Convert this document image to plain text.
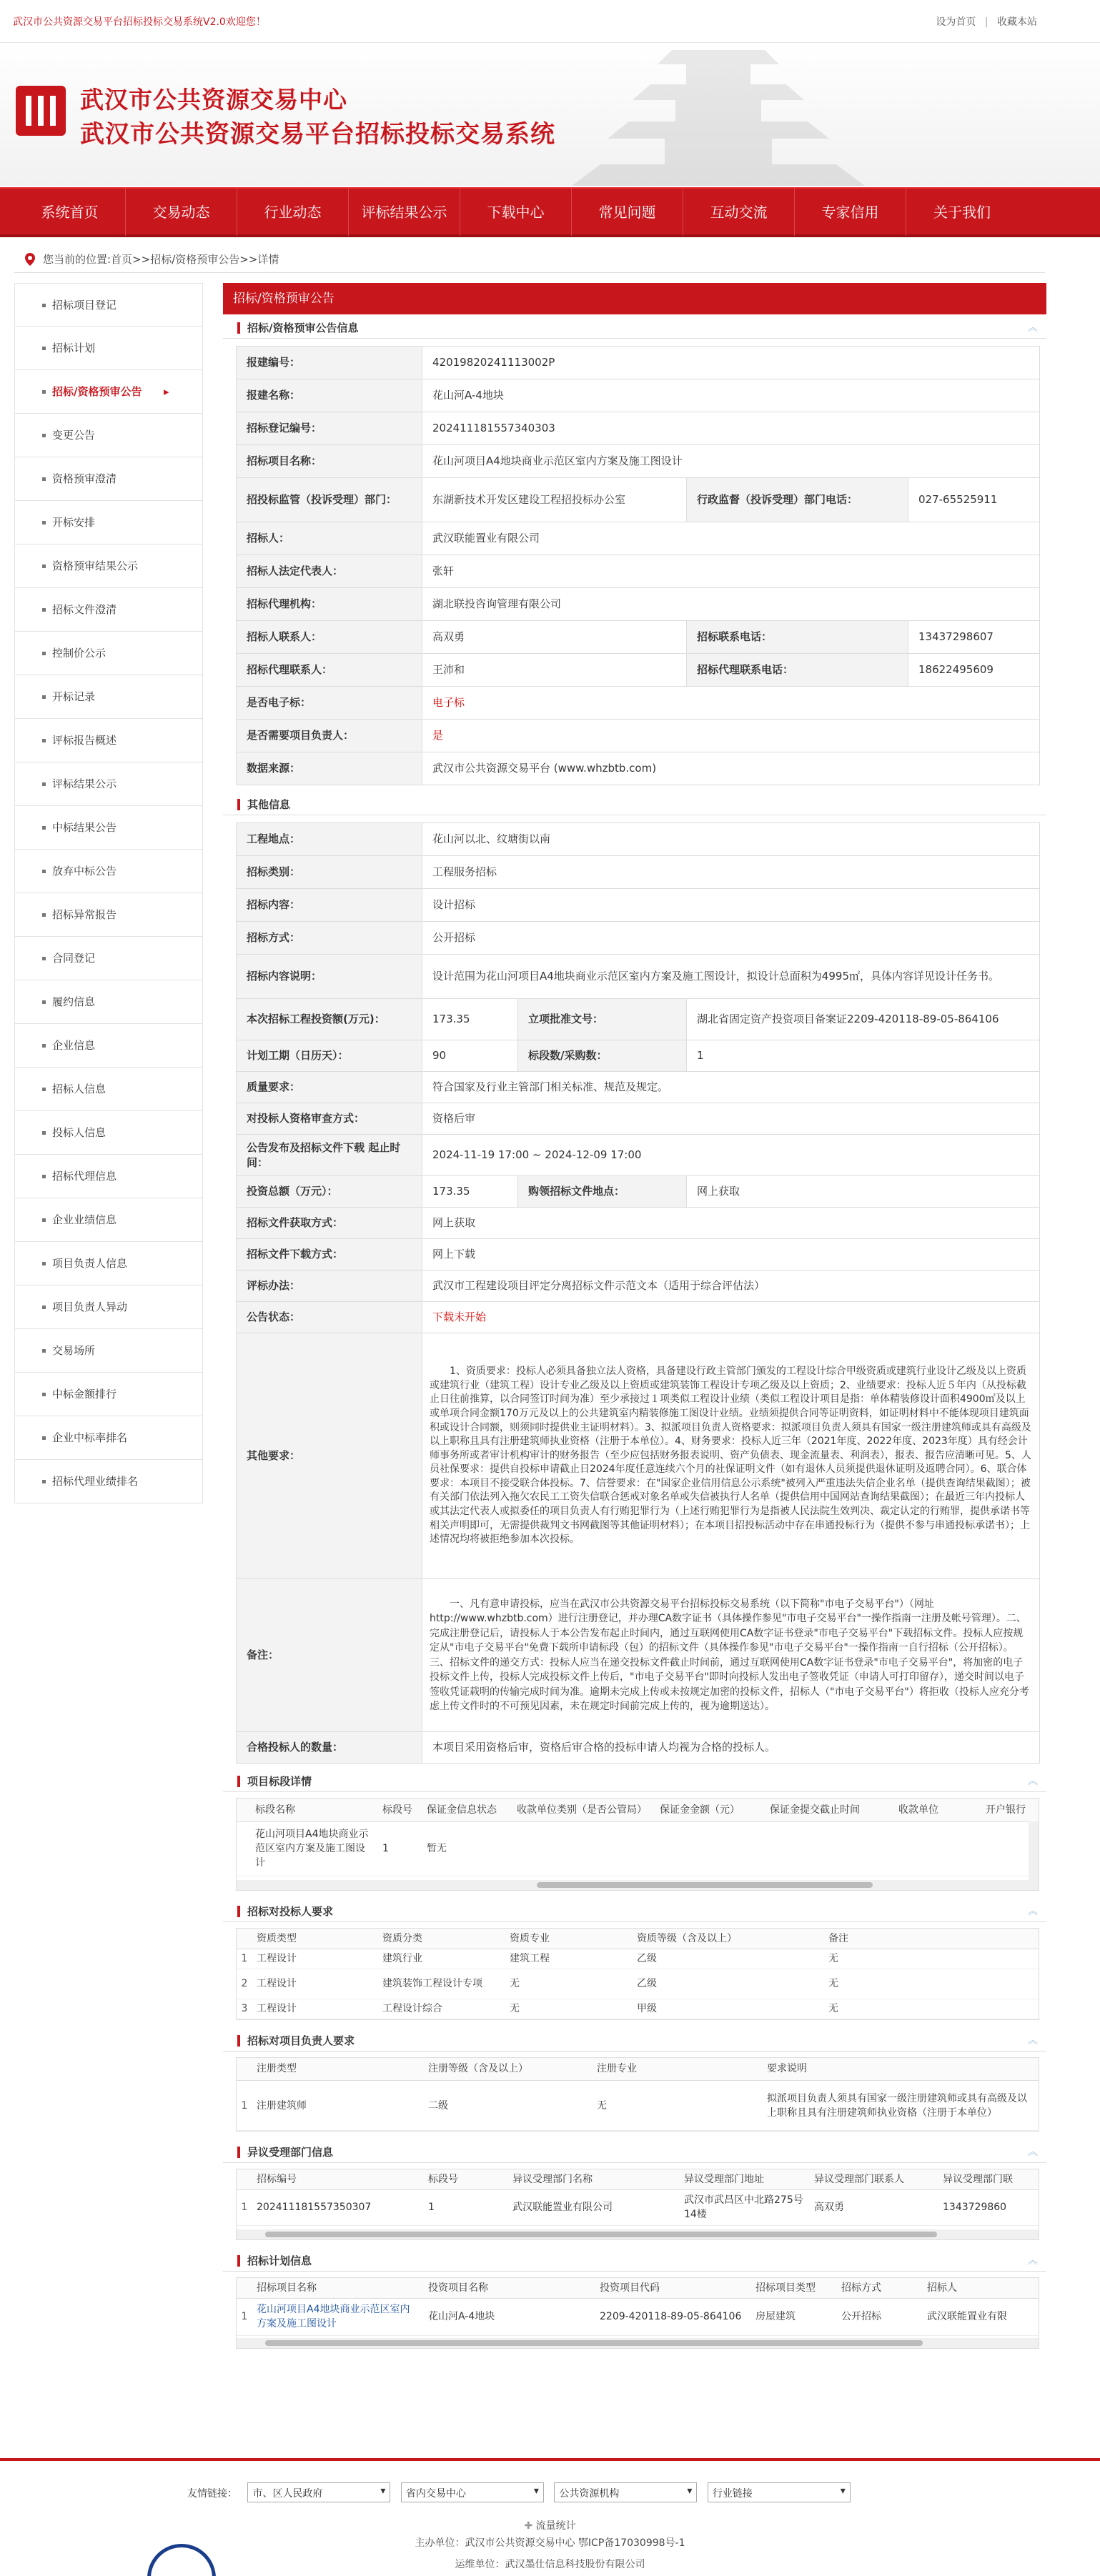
武汉市公共资源交易平台招标投标交易系统V2.0欢迎您！	设为首页 | 收藏本站
武汉市公共资源交易中心
武汉市公共资源交易平台招标投标交易系统
系统首页	交易动态	行业动态	评标结果公示	下载中心	常见问题	互动交流	专家信用	关于我们
您当前的位置:首页>>招标/资格预审公告>>详情
招标项目登记
招标计划
招标/资格预审公告 ▸
变更公告
资格预审澄清
开标安排
资格预审结果公示
招标文件澄清
控制价公示
开标记录
评标报告概述
评标结果公示
中标结果公告
放弃中标公告
招标异常报告
合同登记
履约信息
企业信息
招标人信息
投标人信息
招标代理信息
企业业绩信息
项目负责人信息
项目负责人异动
交易场所
中标金额排行
企业中标率排名
招标代理业绩排名
招标/资格预审公告
招标/资格预审公告信息	︽
报建编号：	4201982024111300​2P		
报建名称：	花山河A-4地块		
招标登记编号：	202411181557340303		
招标项目名称：	花山河项目A4地块商业示范区室内方案及施工图设计		
招投标监管（投诉受理）部门：	东湖新技术开发区建设工程招投标办公室	行政监督（投诉受理）部门电话：	027-65525911
招标人：	武汉联能置业有限公司		
招标人法定代表人：	张轩		
招标代理机构：	湖北联投咨询管理有限公司		
招标人联系人：	高双勇	招标联系电话：	13437298607
招标代理联系人：	王沛和	招标代理联系电话：	18622495609
是否电子标：	电子标		
是否需要项目负责人：	是		
数据来源：	武汉市公共资源交易平台 (www.whzbtb.com)		
其他信息
工程地点：	花山河以北、纹塘街以南		
招标类别：	工程服务招标		
招标内容：	设计招标		
招标方式：	公开招标		
招标内容说明：	设计范围为花山河项目A4地块商业示范区室内方案及施工图设计，拟设计总面积为4995㎡，具体内容详见设计任务书。		
本次招标工程投资额(万元)：	173.35	立项批准文号：	湖北省固定资产投资项目备案证2209-420118-89-05-864106
计划工期（日历天）：	90	标段数/采购数：	1
质量要求：	符合国家及行业主管部门相关标准、规范及规定。		
对投标人资格审查方式：	资格后审		
公告发布及招标文件下载 起止时间：	2024-11-19 17:00 ~ 2024-12-09 17:00		
投资总额（万元）：	173.35	购领招标文件地点：	网上获取
招标文件获取方式：	网上获取		
招标文件下载方式：	网上下载		
评标办法：	武汉市工程建设项目评定分离招标文件示范文本（适用于综合评估法）		
公告状态：	下载未开始		
其他要求：	1、资质要求：投标人必须具备独立法人资格，具备建设行政主管部门颁发的工程设计综合甲级资质或建筑行业设计乙级及以上资质或建筑行业（建筑工程）设计专业乙级及以上资质或建筑装饰工程设计专项乙级及以上资质；2、业绩要求：投标人近５年内（从投标截止日往前推算，以合同签订时间为准）至少承接过１项类似工程设计业绩（类似工程设计项目是指：单体精装修设计面积4900㎡及以上或单项合同金额170万元及以上的公共建筑室内精装修施工图设计业绩。业绩须提供合同等证明资料，如证明材料中不能体现项目建筑面积或设计合同额，则须同时提供业主证明材料）。3、拟派项目负责人资格要求：拟派项目负责人须具有国家一级注册建筑师或具有高级及以上职称且具有注册建筑师执业资格（注册于本单位）。4、财务要求：投标人近三年（2021年度、2022年度、2023年度）具有经会计师事务所或者审计机构审计的财务报告（至少应包括财务报表说明、资产负债表、现金流量表、利润表），报表、报告应清晰可见。5、人员社保要求：提供自投标申请截止日2024年度任意连续六个月的社保证明文件（如有退休人员须提供退休证明及返聘合同）。6、联合体要求：本项目不接受联合体投标。7、信誉要求：在"国家企业信用信息公示系统"被列入严重违法失信企业名单（提供查询结果截图）；被有关部门依法列入拖欠农民工工资失信联合惩戒对象名单或失信被执行人名单（提供信用中国网站查询结果截图）；在最近三年内投标人或其法定代表人或拟委任的项目负责人有行贿犯罪行为（上述行贿犯罪行为是指被人民法院生效判决、裁定认定的行贿罪，提供承诺书等相关声明即可，无需提供裁判文书网截图等其他证明材料）；在本项目招投标活动中存在串通投标行为（提供不参与串通投标承诺书）；上述情况均将被拒绝参加本次投标。		
备注：	一、凡有意申请投标，应当在武汉市公共资源交易平台招标投标交易系统（以下简称"市电子交易平台"）（网址http://www.whzbtb.com）进行注册登记，并办理CA数字证书（具体操作参见"市电子交易平台"一操作指南一注册及帐号管理）。二、完成注册登记后，请投标人于本公告发布起止时间内，通过互联网使用CA数字证书登录"市电子交易平台"下载招标文件。投标人应按规定从"市电子交易平台"免费下载所申请标段（包）的招标文件（具体操作参见"市电子交易平台"一操作指南一自行招标（公开招标）。三、招标文件的递交方式：投标人应当在递交投标文件截止时间前，通过互联网使用CA数字证书登录"市电子交易平台"，将加密的电子投标文件上传，投标人完成投标文件上传后，"市电子交易平台"即时向投标人发出电子签收凭证（申请人可打印留存），递交时间以电子签收凭证载明的传输完成时间为准。逾期未完成上传或未按规定加密的投标文件，招标人（"市电子交易平台"）将拒收（投标人应充分考虑上传文件时的不可预见因素，未在规定时间前完成上传的，视为逾期送达）。		
合格投标人的数量：	本项目采用资格后审，资格后审合格的投标申请人均视为合格的投标人。		
项目标段详情	︽
	标段名称	标段号	保证金信息状态	收款单位类别（是否公管局）	保证金金额（元）	保证金提交截止时间	收款单位	开户银行
	花山河项目A4地块商业示范区室内方案及施工图设计	1	暂无					
招标对投标人要求	︽
	资质类型	资质分类	资质专业	资质等级（含及以上）	备注
1	工程设计	建筑行业	建筑工程	乙级	无
2	工程设计	建筑装饰工程设计专项	无	乙级	无
3	工程设计	工程设计综合	无	甲级	无
招标对项目负责人要求	︽
	注册类型	注册等级（含及以上）	注册专业	要求说明
1	注册建筑师	二级	无	拟派项目负责人须具有国家一级注册建筑师或具有高级及以上职称且具有注册建筑师执业资格（注册于本单位）
异议受理部门信息	︽
	招标编号	标段号	异议受理部门名称	异议受理部门地址	异议受理部门联系人	异议受理部门联
1	202411181557350307	1	武汉联能置业有限公司	武汉市武昌区中北路275号14楼	高双勇	1343729860
招标计划信息	︽
	招标项目名称	投资项目名称	投资项目代码	招标项目类型	招标方式	招标人
1	花山河项目A4地块商业示范区室内方案及施工图设计	花山河A-4地块	2209-420118-89-05-864106	房屋建筑	公开招标	武汉联能置业有限
友情链接： 市、区人民政府 ▾	省内交易中心 ▾	公共资源机构 ▾	行业链接 ▾
✚ 流量统计
主办单位：武汉市公共资源交易中心 鄂ICP备17030998号-1
运维单位：武汉墨仕信息科技股份有限公司
